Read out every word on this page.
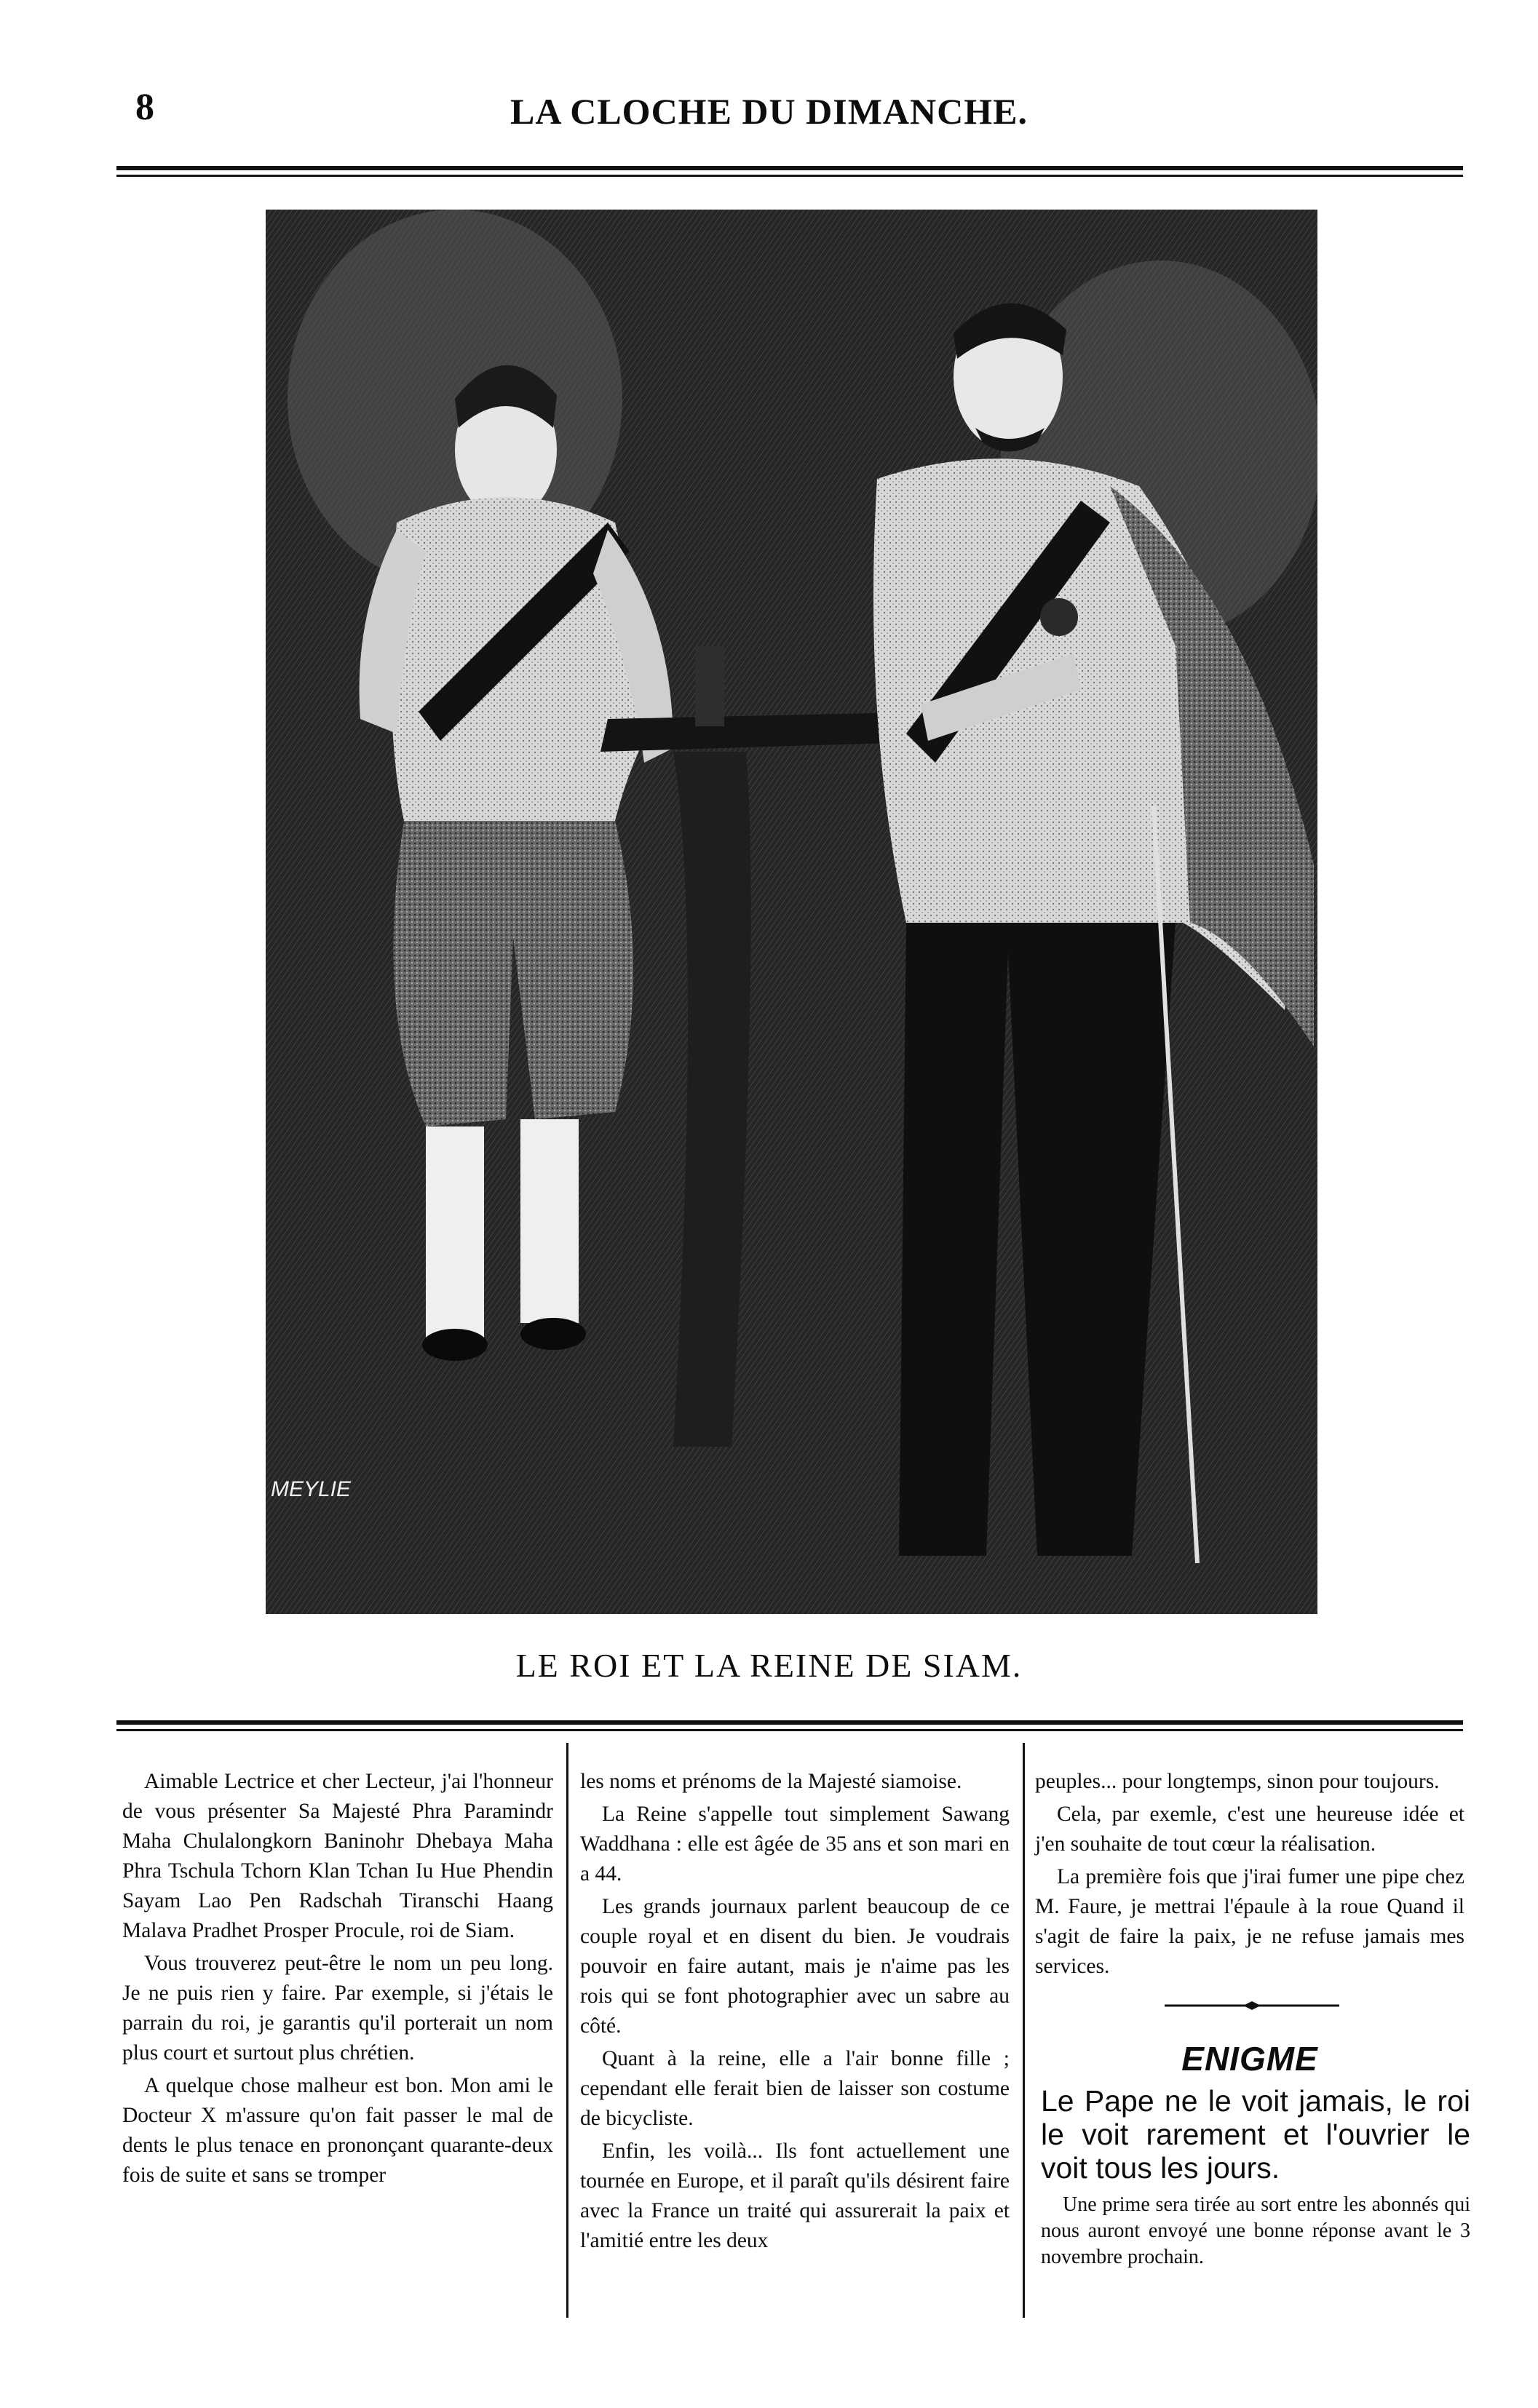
8	LA CLOCHE DU DIMANCHE.
MEYLIE
LE ROI ET LA REINE DE SIAM.

Aimable Lectrice et cher Lecteur, j'ai l'honneur de vous présenter Sa Majesté Phra Paramindr Maha Chulalongkorn Baninohr Dhebaya Maha Phra Tschula Tchorn Klan Tchan Iu Hue Phendin Sayam Lao Pen Radschah Tiranschi Haang Malava Pradhet Prosper Procule, roi de Siam.

Vous trouverez peut-être le nom un peu long. Je ne puis rien y faire. Par exemple, si j'étais le parrain du roi, je garantis qu'il porterait un nom plus court et surtout plus chrétien.

A quelque chose malheur est bon. Mon ami le Docteur X m'assure qu'on fait passer le mal de dents le plus tenace en prononçant quarante-deux fois de suite et sans se tromper

les noms et prénoms de la Majesté siamoise.

La Reine s'appelle tout simplement Sawang Waddhana : elle est âgée de 35 ans et son mari en a 44.

Les grands journaux parlent beaucoup de ce couple royal et en disent du bien. Je voudrais pouvoir en faire autant, mais je n'aime pas les rois qui se font photographier avec un sabre au côté.

Quant à la reine, elle a l'air bonne fille ; cependant elle ferait bien de laisser son costume de bicycliste.

Enfin, les voilà... Ils font actuellement une tournée en Europe, et il paraît qu'ils désirent faire avec la France un traité qui assurerait la paix et l'amitié entre les deux

peuples... pour longtemps, sinon pour toujours.

Cela, par exemle, c'est une heureuse idée et j'en souhaite de tout cœur la réalisation.

La première fois que j'irai fumer une pipe chez M. Faure, je mettrai l'épaule à la roue Quand il s'agit de faire la paix, je ne refuse jamais mes services.

ENIGME
Le Pape ne le voit jamais, le roi le voit rarement et l'ouvrier le voit tous les jours.
Une prime sera tirée au sort entre les abonnés qui nous auront envoyé une bonne réponse avant le 3 novembre prochain.
